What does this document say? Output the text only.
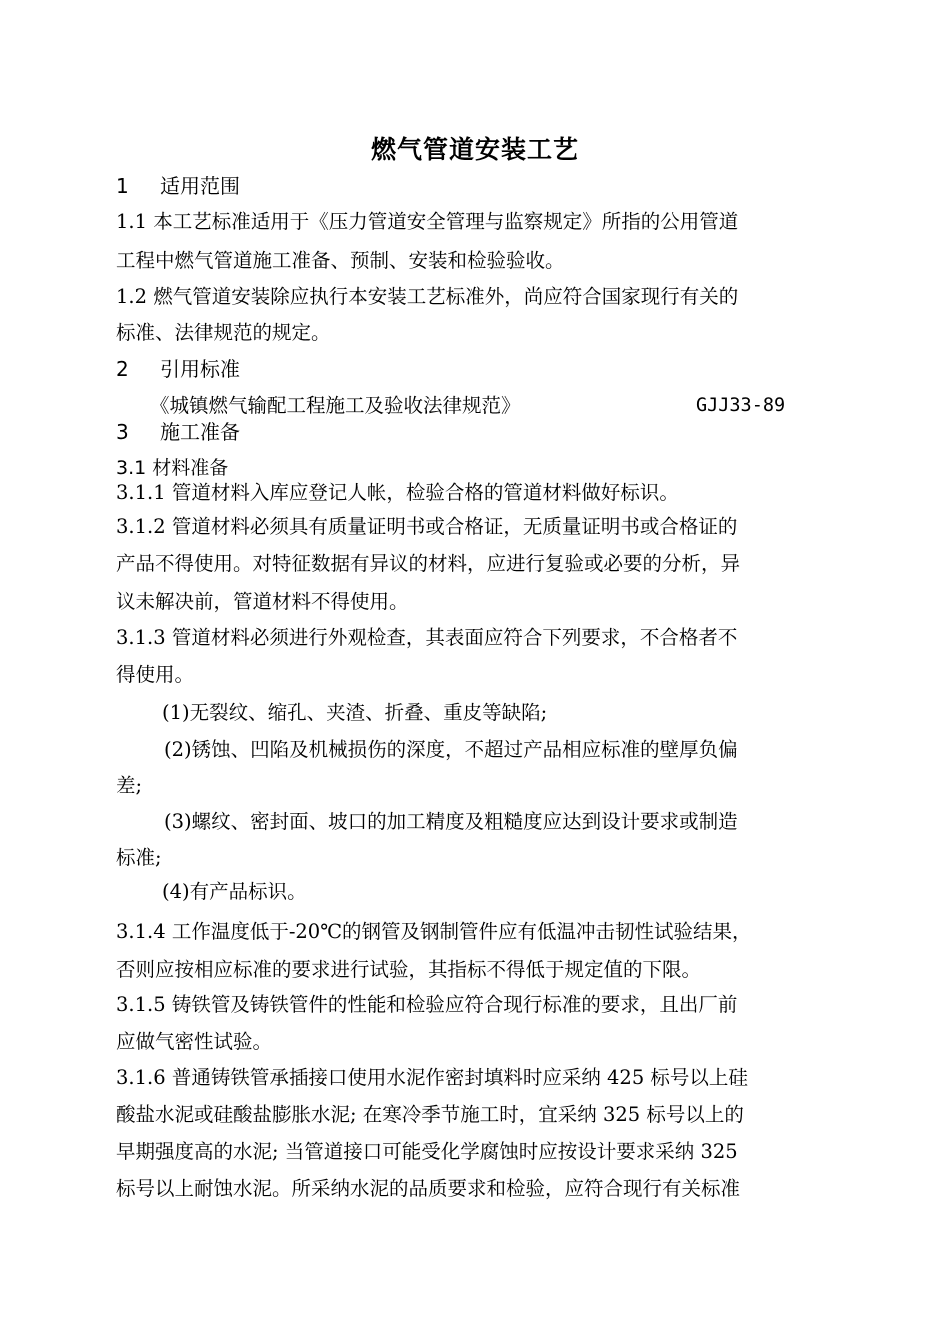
燃气管道安装工艺
1 适用范围
1.1 本工艺标准适用于《压力管道安全管理与监察规定》所指的公用管道
工程中燃气管道施工准备、预制、安装和检验验收。
1.2 燃气管道安装除应执行本安装工艺标准外，尚应符合国家现行有关的
标准、法律规范的规定。
2 引用标准
《城镇燃气输配工程施工及验收法律规范》	GJJ33-89
3 施工准备
3.1 材料准备
3.1.1 管道材料入库应登记人帐，检验合格的管道材料做好标识。
3.1.2 管道材料必须具有质量证明书或合格证，无质量证明书或合格证的
产品不得使用。对特征数据有异议的材料，应进行复验或必要的分析，异
议未解决前，管道材料不得使用。
3.1.3 管道材料必须进行外观检查，其表面应符合下列要求，不合格者不
得使用。
(1)无裂纹、缩孔、夹渣、折叠、重皮等缺陷;
(2)锈蚀、凹陷及机械损伤的深度，不超过产品相应标准的壁厚负偏
差;
(3)螺纹、密封面、坡口的加工精度及粗糙度应达到设计要求或制造
标准;
(4)有产品标识。
3.1.4 工作温度低于-20℃的钢管及钢制管件应有低温冲击韧性试验结果，
否则应按相应标准的要求进行试验，其指标不得低于规定值的下限。
3.1.5 铸铁管及铸铁管件的性能和检验应符合现行标准的要求，且出厂前
应做气密性试验。
3.1.6 普通铸铁管承插接口使用水泥作密封填料时应采纳 425 标号以上硅
酸盐水泥或硅酸盐膨胀水泥; 在寒冷季节施工时，宜采纳 325 标号以上的
早期强度高的水泥; 当管道接口可能受化学腐蚀时应按设计要求采纳 325
标号以上耐蚀水泥。所采纳水泥的品质要求和检验，应符合现行有关标准
